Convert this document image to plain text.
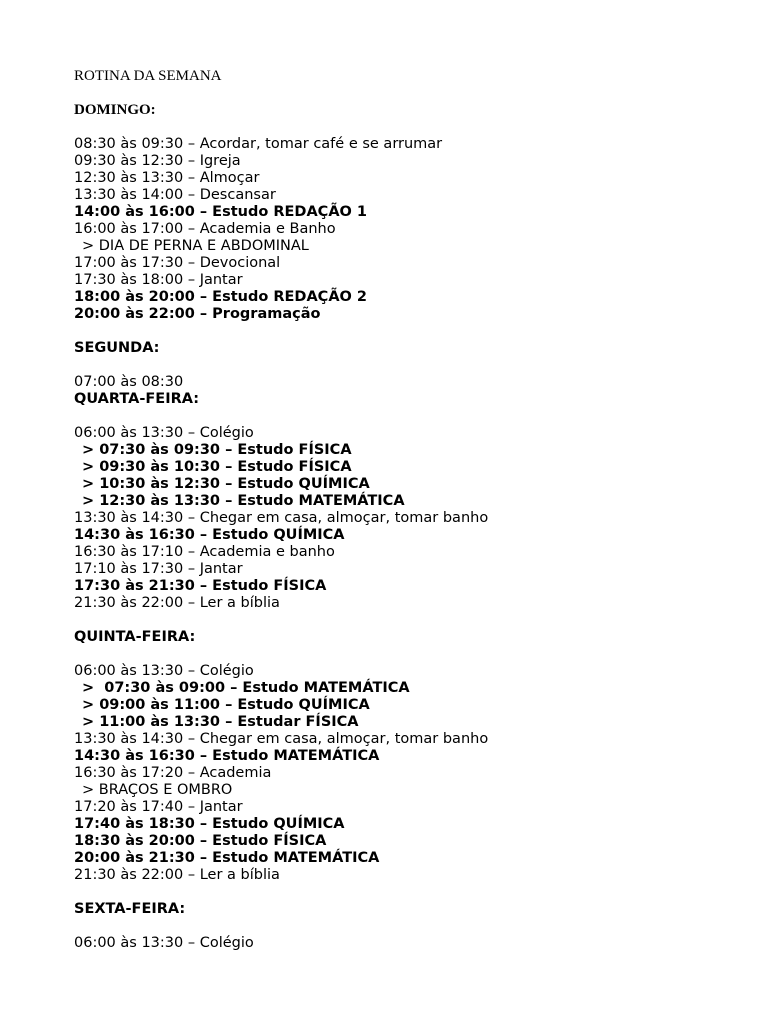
ROTINA DA SEMANA
DOMINGO:
08:30 às 09:30 – Acordar, tomar café e se arrumar
09:30 às 12:30 – Igreja
12:30 às 13:30 – Almoçar
13:30 às 14:00 – Descansar
14:00 às 16:00 – Estudo REDAÇÃO 1
16:00 às 17:00 – Academia e Banho
> DIA DE PERNA E ABDOMINAL
17:00 às 17:30 – Devocional
17:30 às 18:00 – Jantar
18:00 às 20:00 – Estudo REDAÇÃO 2
20:00 às 22:00 – Programação
SEGUNDA:
07:00 às 08:30
QUARTA-FEIRA:
06:00 às 13:30 – Colégio
> 07:30 às 09:30 – Estudo FÍSICA
> 09:30 às 10:30 – Estudo FÍSICA
> 10:30 às 12:30 – Estudo QUÍMICA
> 12:30 às 13:30 – Estudo MATEMÁTICA
13:30 às 14:30 – Chegar em casa, almoçar, tomar banho
14:30 às 16:30 – Estudo QUÍMICA
16:30 às 17:10 – Academia e banho
17:10 às 17:30 – Jantar
17:30 às 21:30 – Estudo FÍSICA
21:30 às 22:00 – Ler a bíblia
QUINTA-FEIRA:
06:00 às 13:30 – Colégio
>  07:30 às 09:00 – Estudo MATEMÁTICA
> 09:00 às 11:00 – Estudo QUÍMICA
> 11:00 às 13:30 – Estudar FÍSICA
13:30 às 14:30 – Chegar em casa, almoçar, tomar banho
14:30 às 16:30 – Estudo MATEMÁTICA
16:30 às 17:20 – Academia
> BRAÇOS E OMBRO
17:20 às 17:40 – Jantar
17:40 às 18:30 – Estudo QUÍMICA
18:30 às 20:00 – Estudo FÍSICA
20:00 às 21:30 – Estudo MATEMÁTICA
21:30 às 22:00 – Ler a bíblia
SEXTA-FEIRA:
06:00 às 13:30 – Colégio
